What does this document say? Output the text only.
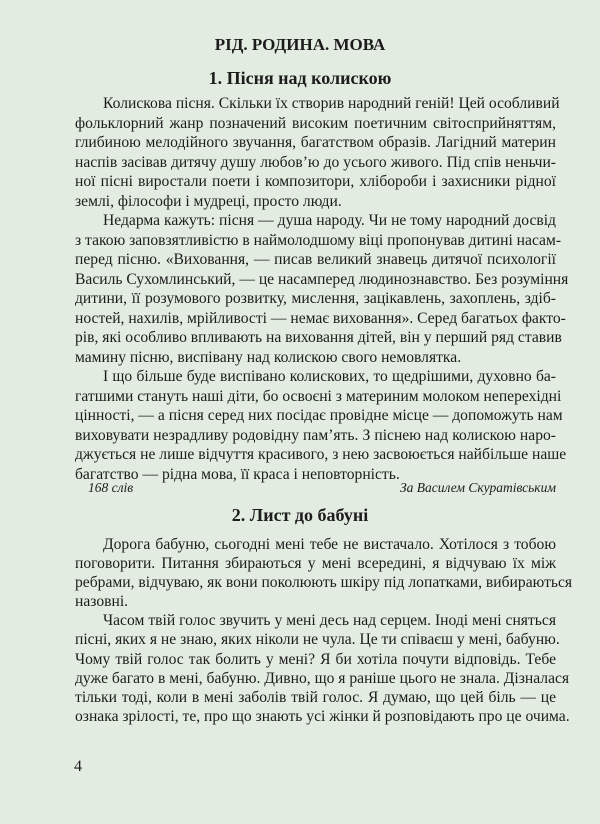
РІД. РОДИНА. МОВА
1. Пісня над колискою
Колискова пісня. Скільки їх створив народний геній! Цей особливий
фольклорний жанр позначений високим поетичним світосприйняттям,
глибиною мелодійного звучання, багатством образів. Лагідний материн
наспів засівав дитячу душу любов’ю до усього живого. Під спів неньчи-
ної пісні виростали поети і композитори, хлібороби і захисники рідної
землі, філософи і мудреці, просто люди.
Недарма кажуть: пісня — душа народу. Чи не тому народний досвід
з такою заповзятливістю в наймолодшому віці пропонував дитині насам-
перед пісню. «Виховання, — писав великий знавець дитячої психології
Василь Сухомлинський, — це насамперед людинознавство. Без розуміння
дитини, її розумового розвитку, мислення, зацікавлень, захоплень, здіб-
ностей, нахилів, мрійливості — немає виховання». Серед багатьох факто-
рів, які особливо впливають на виховання дітей, він у перший ряд ставив
мамину пісню, виспівану над колискою свого немовлятка.
І що більше буде виспівано колискових, то щедрішими, духовно ба-
гатшими стануть наші діти, бо освоєні з материним молоком неперехідні
цінності, — а пісня серед них посідає провідне місце — допоможуть нам
виховувати незрадливу родовідну пам’ять. З піснею над колискою наро-
джується не лише відчуття красивого, з нею засвоюється найбільше наше
багатство — рідна мова, її краса і неповторність.
168 слів	За Василем Скуратівським
2. Лист до бабуні
Дорога бабуню, сьогодні мені тебе не вистачало. Хотілося з тобою
поговорити. Питання збираються у мені всередині, я відчуваю їх між
ребрами, відчуваю, як вони поколюють шкіру під лопатками, вибираються
назовні.
Часом твій голос звучить у мені десь над серцем. Іноді мені сняться
пісні, яких я не знаю, яких ніколи не чула. Це ти співаєш у мені, бабуню.
Чому твій голос так болить у мені? Я би хотіла почути відповідь. Тебе
дуже багато в мені, бабуню. Дивно, що я раніше цього не знала. Дізналася
тільки тоді, коли в мені заболів твій голос. Я думаю, що цей біль — це
ознака зрілості, те, про що знають усі жінки й розповідають про це очима.
4
